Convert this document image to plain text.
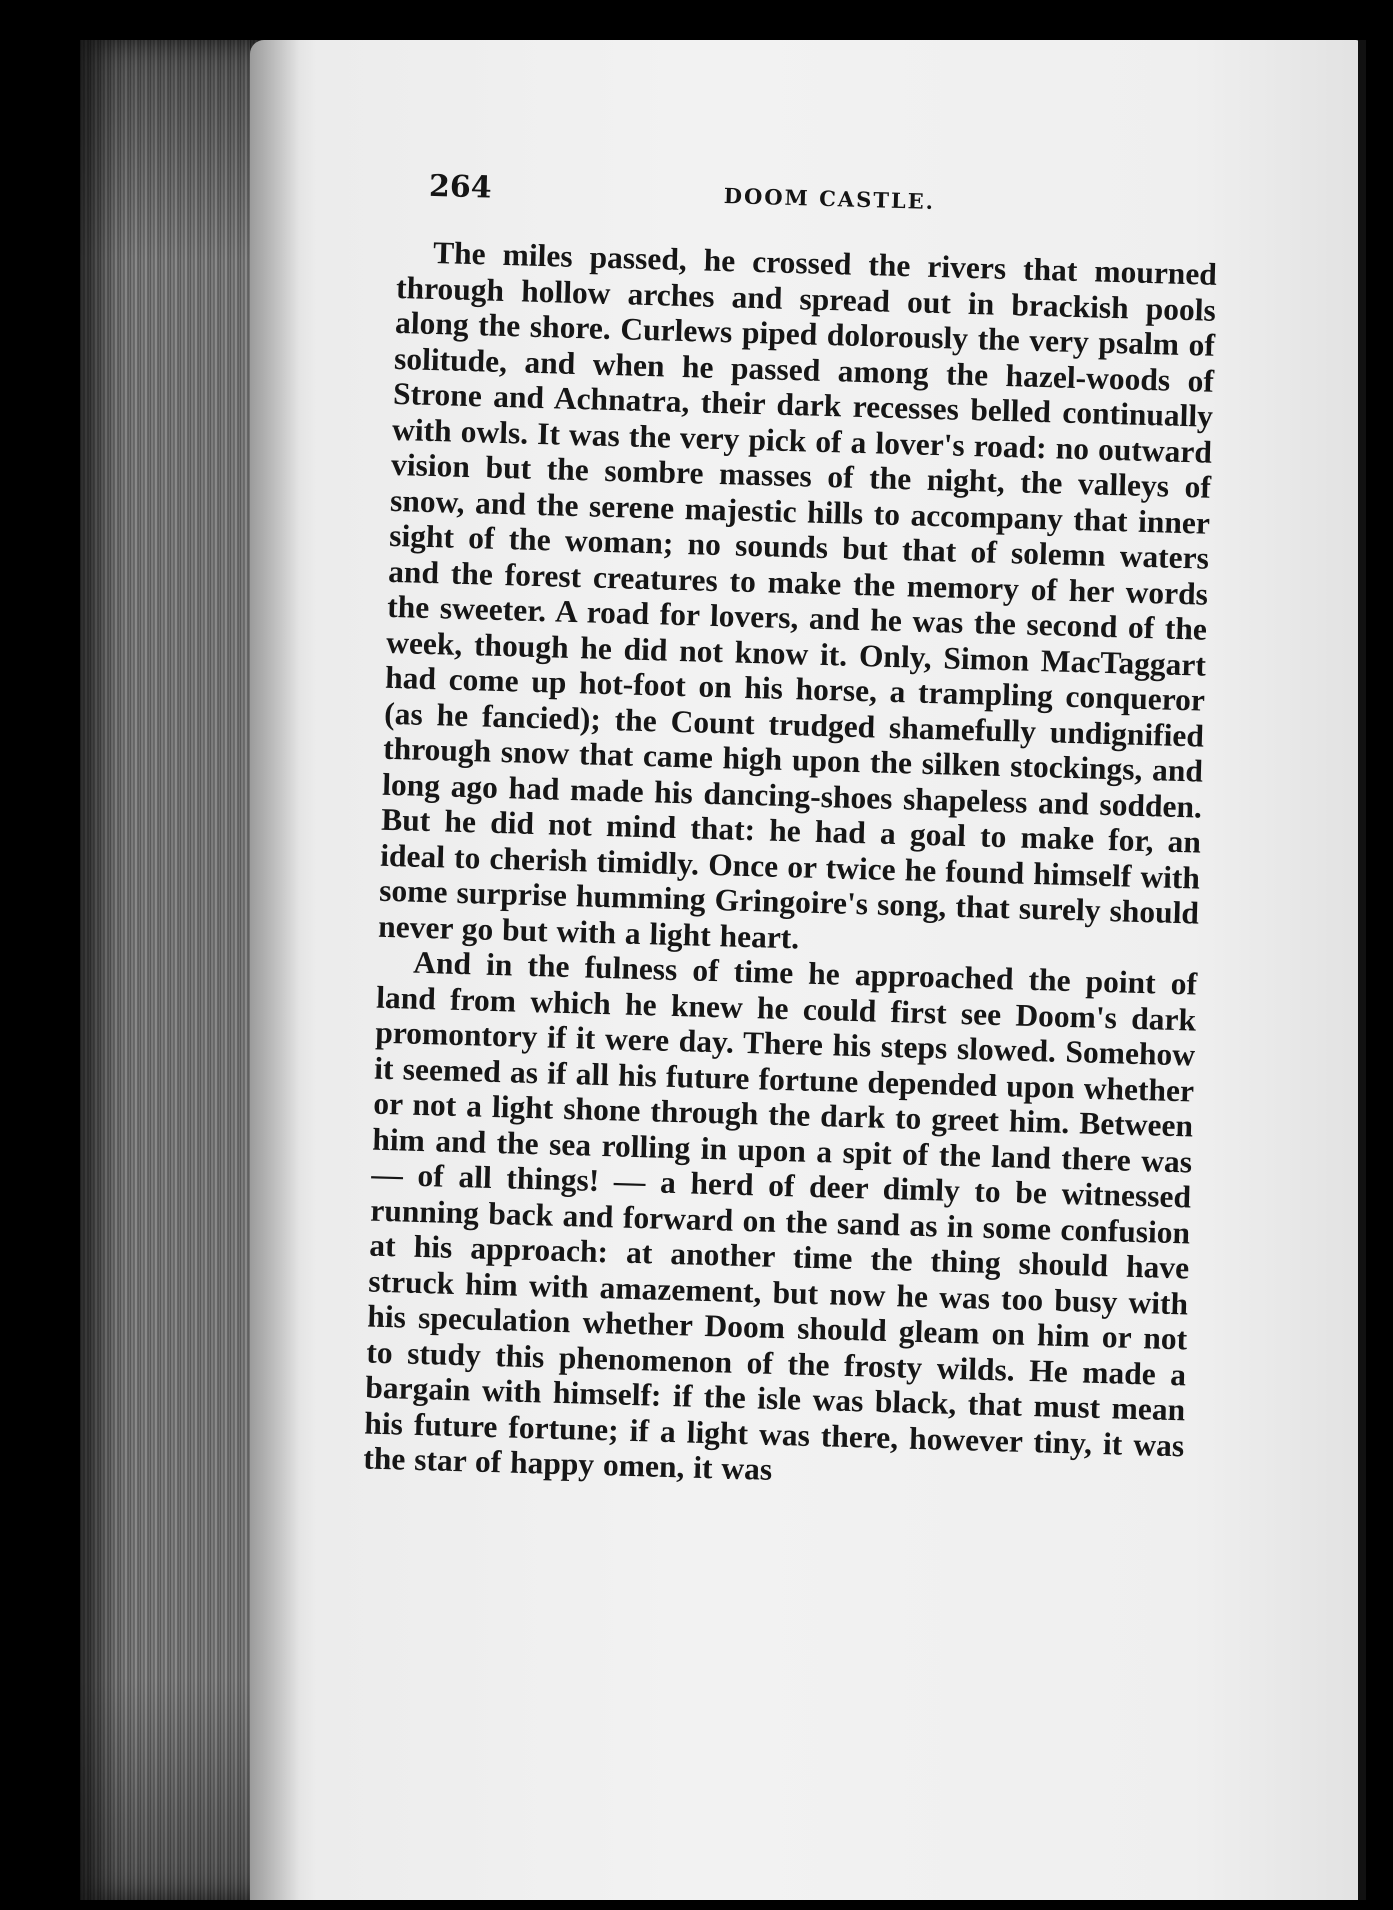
264	DOOM CASTLE.

The miles passed, he crossed the rivers that mourned through hollow arches and spread out in brackish pools along the shore. Curlews piped dolorously the very psalm of solitude, and when he passed among the hazel-woods of Strone and Achnatra, their dark recesses belled continually with owls. It was the very pick of a lover's road: no outward vision but the sombre masses of the night, the valleys of snow, and the serene majestic hills to accompany that inner sight of the woman; no sounds but that of solemn waters and the forest creatures to make the memory of her words the sweeter. A road for lovers, and he was the second of the week, though he did not know it. Only, Simon MacTaggart had come up hot-foot on his horse, a trampling conqueror (as he fancied); the Count trudged shamefully undignified through snow that came high upon the silken stockings, and long ago had made his dancing-shoes shapeless and sodden. But he did not mind that: he had a goal to make for, an ideal to cherish timidly. Once or twice he found himself with some surprise humming Gringoire's song, that surely should never go but with a light heart.

And in the fulness of time he approached the point of land from which he knew he could first see Doom's dark promontory if it were day. There his steps slowed. Somehow it seemed as if all his future fortune depended upon whether or not a light shone through the dark to greet him. Between him and the sea rolling in upon a spit of the land there was — of all things! — a herd of deer dimly to be witnessed running back and forward on the sand as in some confusion at his approach: at another time the thing should have struck him with amazement, but now he was too busy with his speculation whether Doom should gleam on him or not to study this phenomenon of the frosty wilds. He made a bargain with himself: if the isle was black, that must mean his future fortune; if a light was there, however tiny, it was the star of happy omen, it was
